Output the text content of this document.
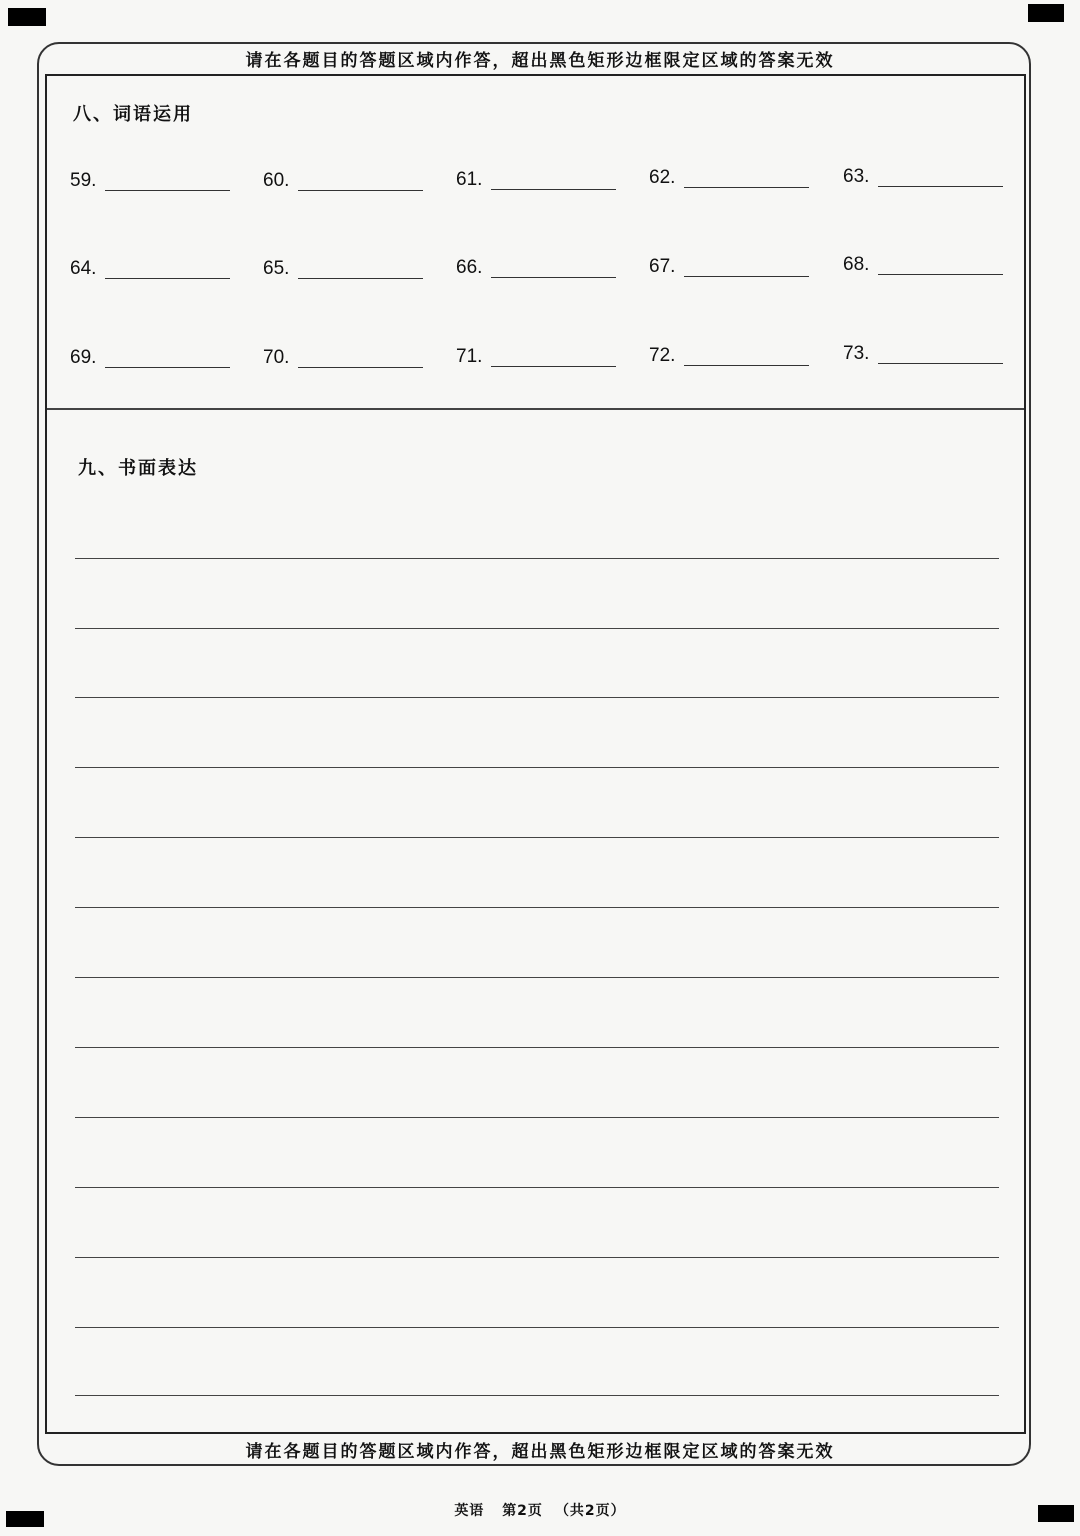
请在各题目的答题区域内作答，超出黑色矩形边框限定区域的答案无效
八、词语运用
59.	60.	61.	62.	63.
64.	65.	66.	67.	68.
69.	70.	71.	72.	73.
九、书面表达
请在各题目的答题区域内作答，超出黑色矩形边框限定区域的答案无效
英语 第2页 （共2页）
